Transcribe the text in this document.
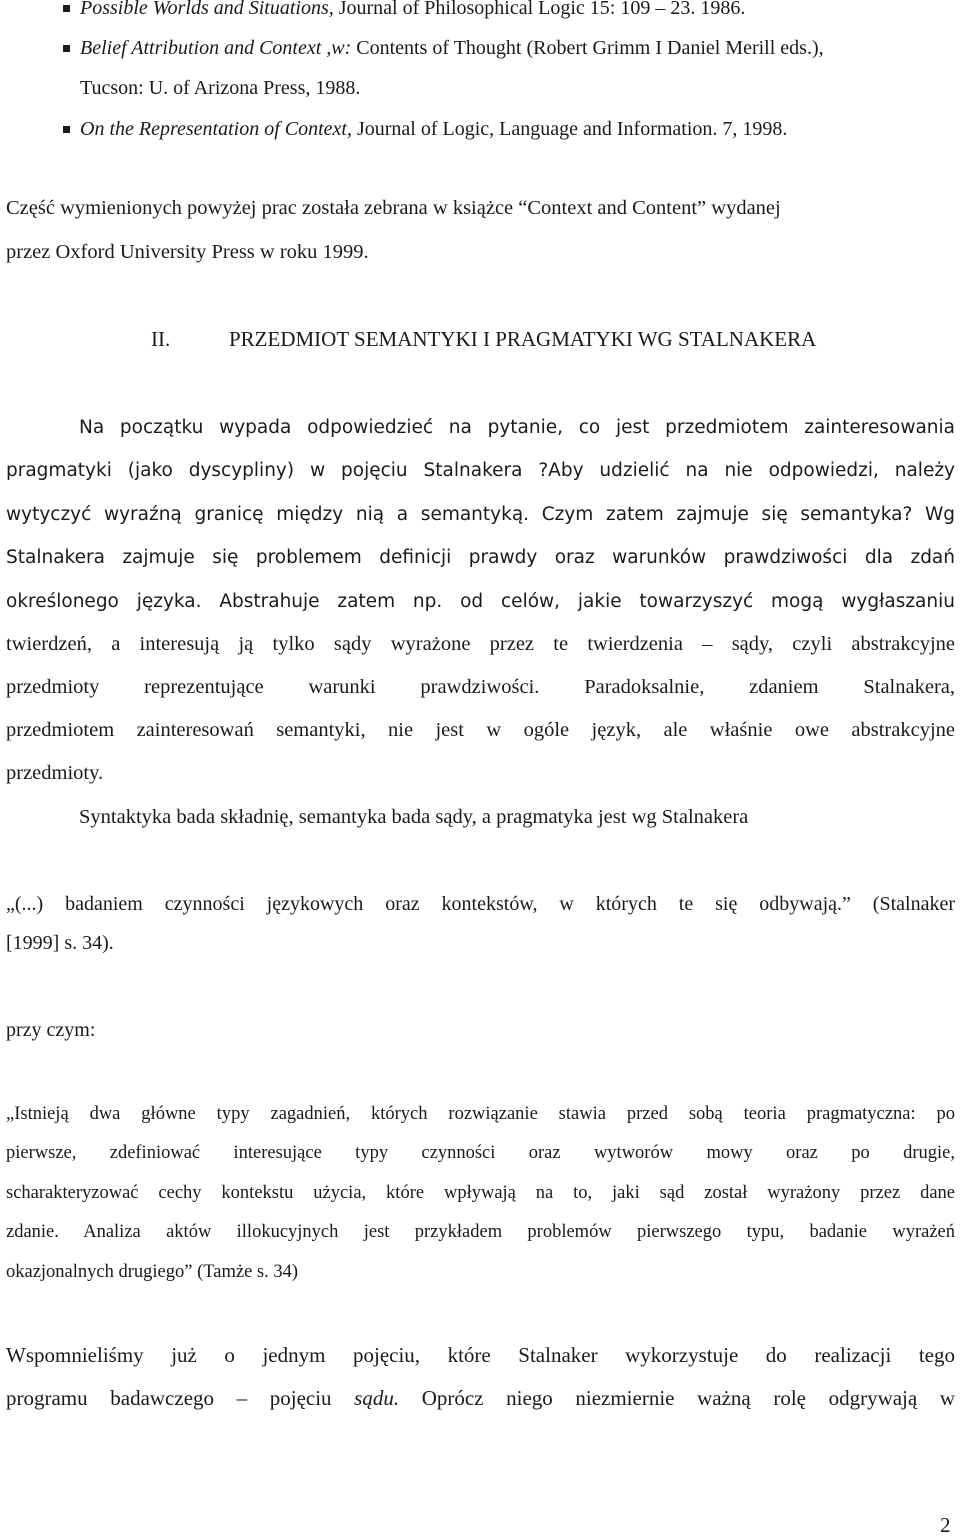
Possible Worlds and Situations, Journal of Philosophical Logic 15: 109 – 23. 1986.
Belief Attribution and Context ,w: Contents of Thought (Robert Grimm I Daniel Merill eds.),
Tucson: U. of Arizona Press, 1988.
On the Representation of Context, Journal of Logic, Language and Information. 7, 1998.
Część wymienionych powyżej prac została zebrana w książce “Context and Content” wydanej
przez Oxford University Press w roku 1999.
II.	PRZEDMIOT SEMANTYKI I PRAGMATYKI WG STALNAKERA
Na początku wypada odpowiedzieć na pytanie, co jest przedmiotem zainteresowania
pragmatyki (jako dyscypliny) w pojęciu Stalnakera ?Aby udzielić na nie odpowiedzi, należy
wytyczyć wyraźną granicę między nią a semantyką. Czym zatem zajmuje się semantyka? Wg
Stalnakera zajmuje się problemem definicji prawdy oraz warunków prawdziwości dla zdań
określonego języka. Abstrahuje zatem np. od celów, jakie towarzyszyć mogą wygłaszaniu
twierdzeń, a interesują ją tylko sądy wyrażone przez te twierdzenia – sądy, czyli abstrakcyjne
przedmioty reprezentujące warunki prawdziwości. Paradoksalnie, zdaniem Stalnakera,
przedmiotem zainteresowań semantyki, nie jest w ogóle język, ale właśnie owe abstrakcyjne
przedmioty.
Syntaktyka bada składnię, semantyka bada sądy, a pragmatyka jest wg Stalnakera
„(...) badaniem czynności językowych oraz kontekstów, w których te się odbywają.” (Stalnaker
[1999] s. 34).
przy czym:
„Istnieją dwa główne typy zagadnień, których rozwiązanie stawia przed sobą teoria pragmatyczna: po
pierwsze, zdefiniować interesujące typy czynności oraz wytworów mowy oraz po drugie,
scharakteryzować cechy kontekstu użycia, które wpływają na to, jaki sąd został wyrażony przez dane
zdanie. Analiza aktów illokucyjnych jest przykładem problemów pierwszego typu, badanie wyrażeń
okazjonalnych drugiego” (Tamże s. 34)
Wspomnieliśmy już o jednym pojęciu, które Stalnaker wykorzystuje do realizacji tego
programu badawczego – pojęciu sądu. Oprócz niego niezmiernie ważną rolę odgrywają w
2
